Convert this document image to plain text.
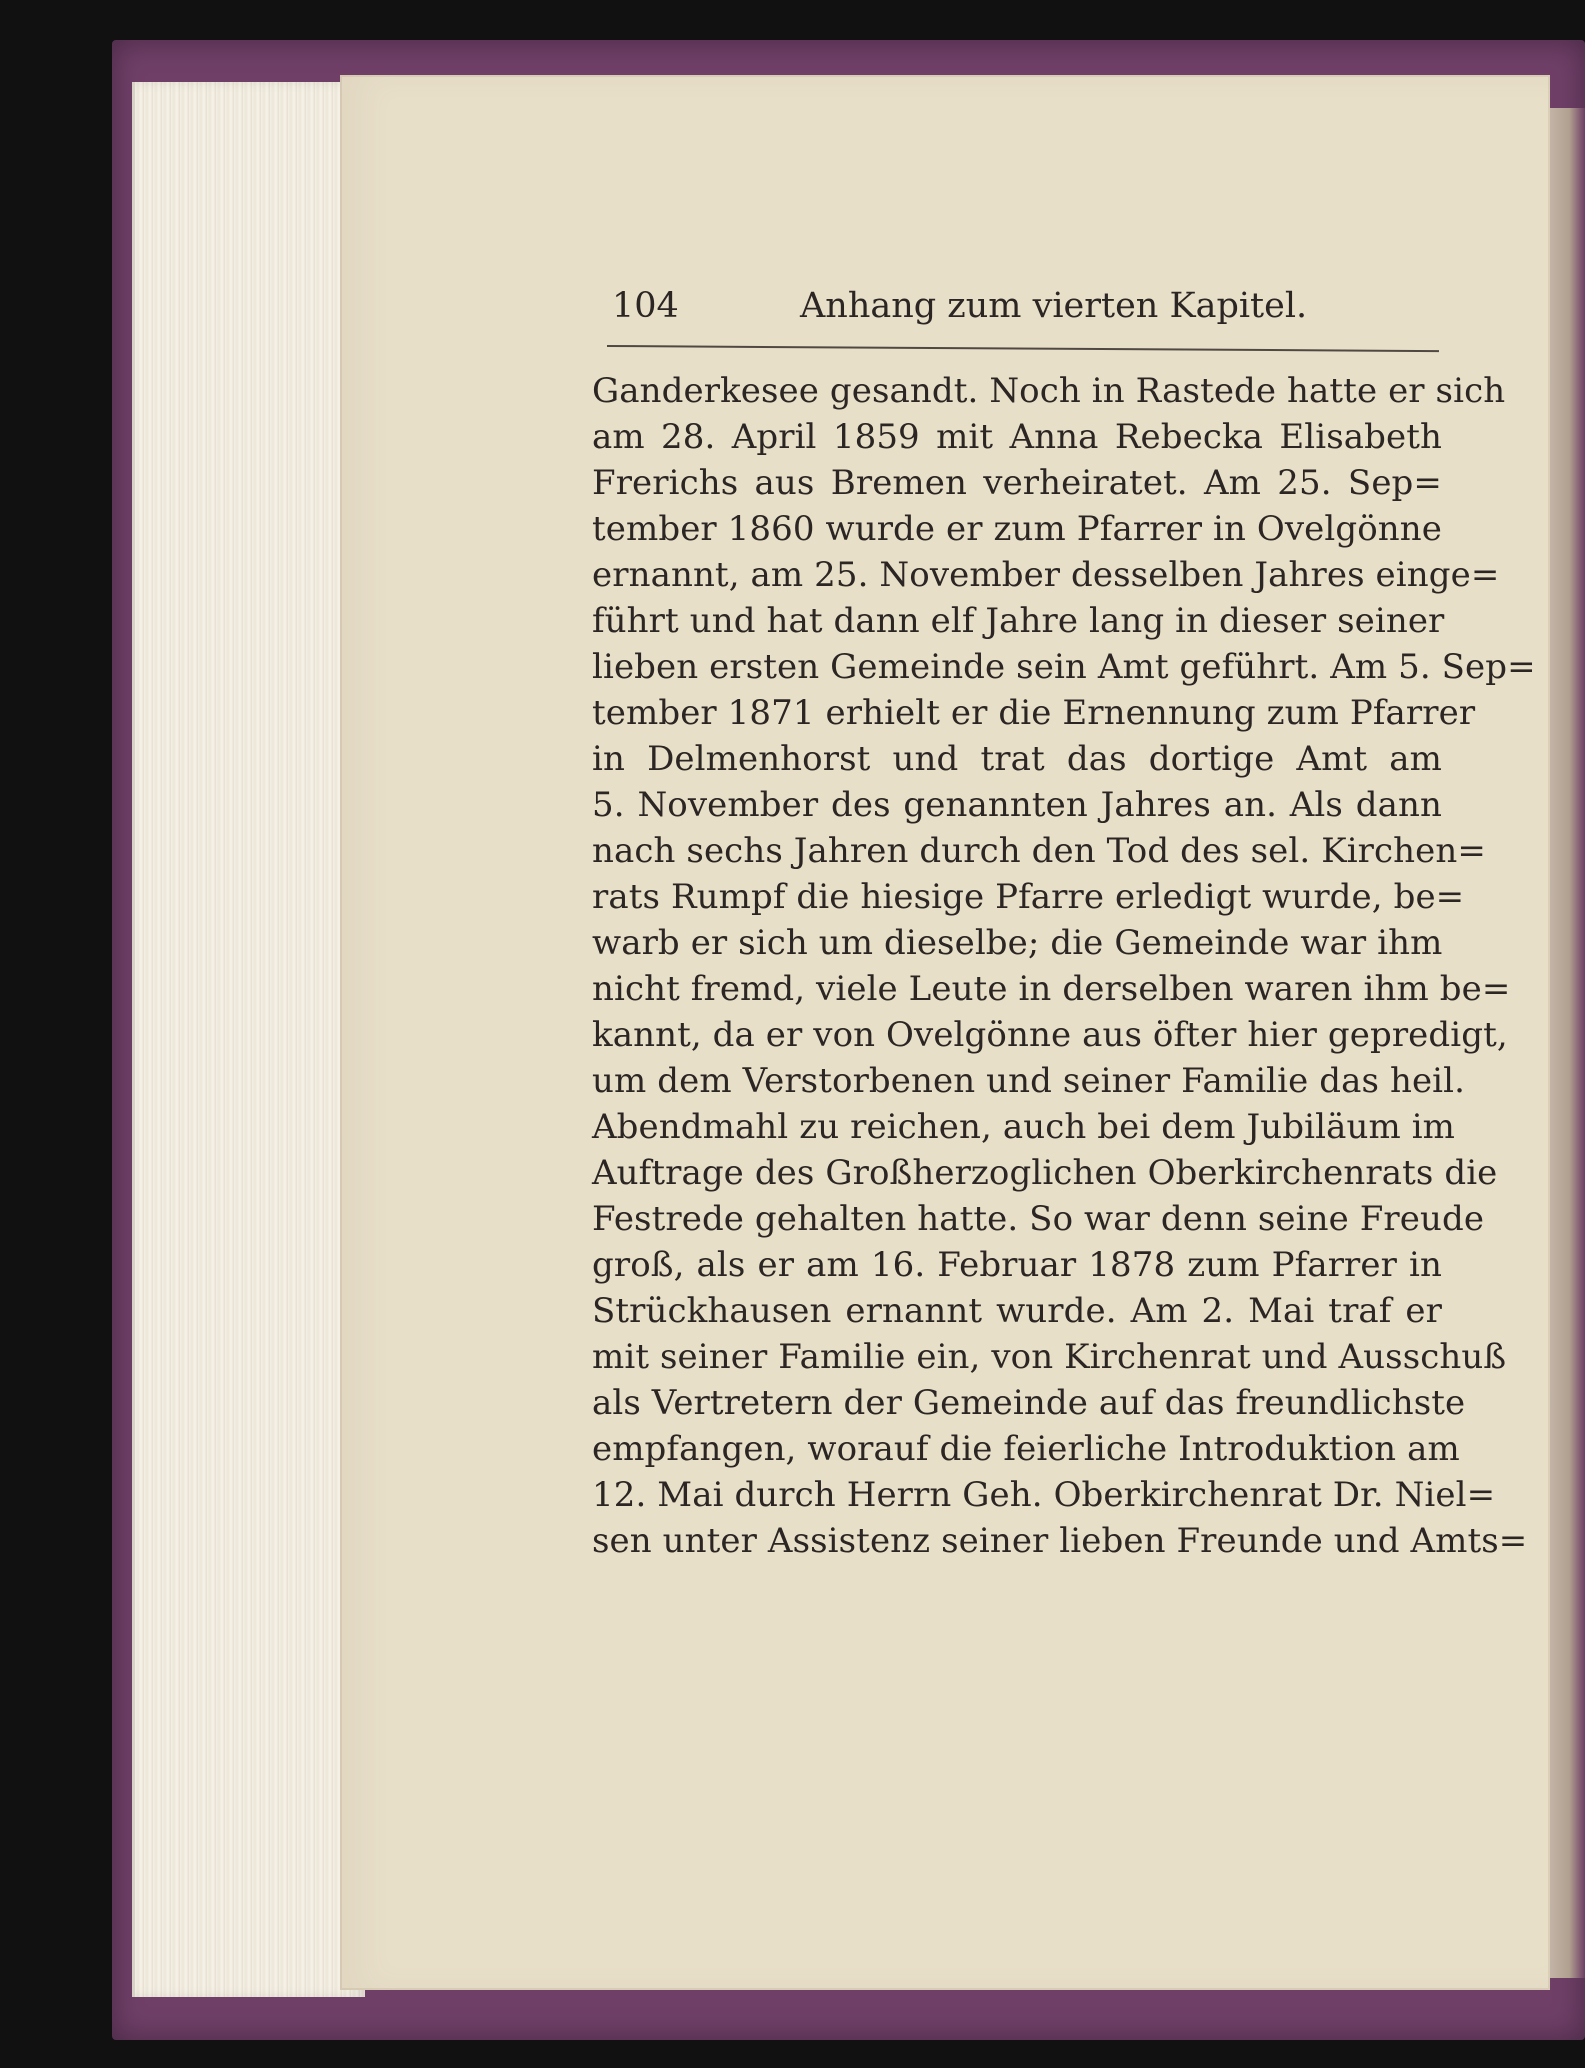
104	Anhang zum vierten Kapitel.
Ganderkesee gesandt. Noch in Rastede hatte er sich
am 28. April 1859 mit Anna Rebecka Elisabeth
Frerichs aus Bremen verheiratet. Am 25. Sep=
tember 1860 wurde er zum Pfarrer in Ovelgönne
ernannt, am 25. November desselben Jahres einge=
führt und hat dann elf Jahre lang in dieser seiner
lieben ersten Gemeinde sein Amt geführt. Am 5. Sep=
tember 1871 erhielt er die Ernennung zum Pfarrer
in Delmenhorst und trat das dortige Amt am
5. November des genannten Jahres an. Als dann
nach sechs Jahren durch den Tod des sel. Kirchen=
rats Rumpf die hiesige Pfarre erledigt wurde, be=
warb er sich um dieselbe; die Gemeinde war ihm
nicht fremd, viele Leute in derselben waren ihm be=
kannt, da er von Ovelgönne aus öfter hier gepredigt,
um dem Verstorbenen und seiner Familie das heil.
Abendmahl zu reichen, auch bei dem Jubiläum im
Auftrage des Großherzoglichen Oberkirchenrats die
Festrede gehalten hatte. So war denn seine Freude
groß, als er am 16. Februar 1878 zum Pfarrer in
Strückhausen ernannt wurde. Am 2. Mai traf er
mit seiner Familie ein, von Kirchenrat und Ausschuß
als Vertretern der Gemeinde auf das freundlichste
empfangen, worauf die feierliche Introduktion am
12. Mai durch Herrn Geh. Oberkirchenrat Dr. Niel=
sen unter Assistenz seiner lieben Freunde und Amts=
